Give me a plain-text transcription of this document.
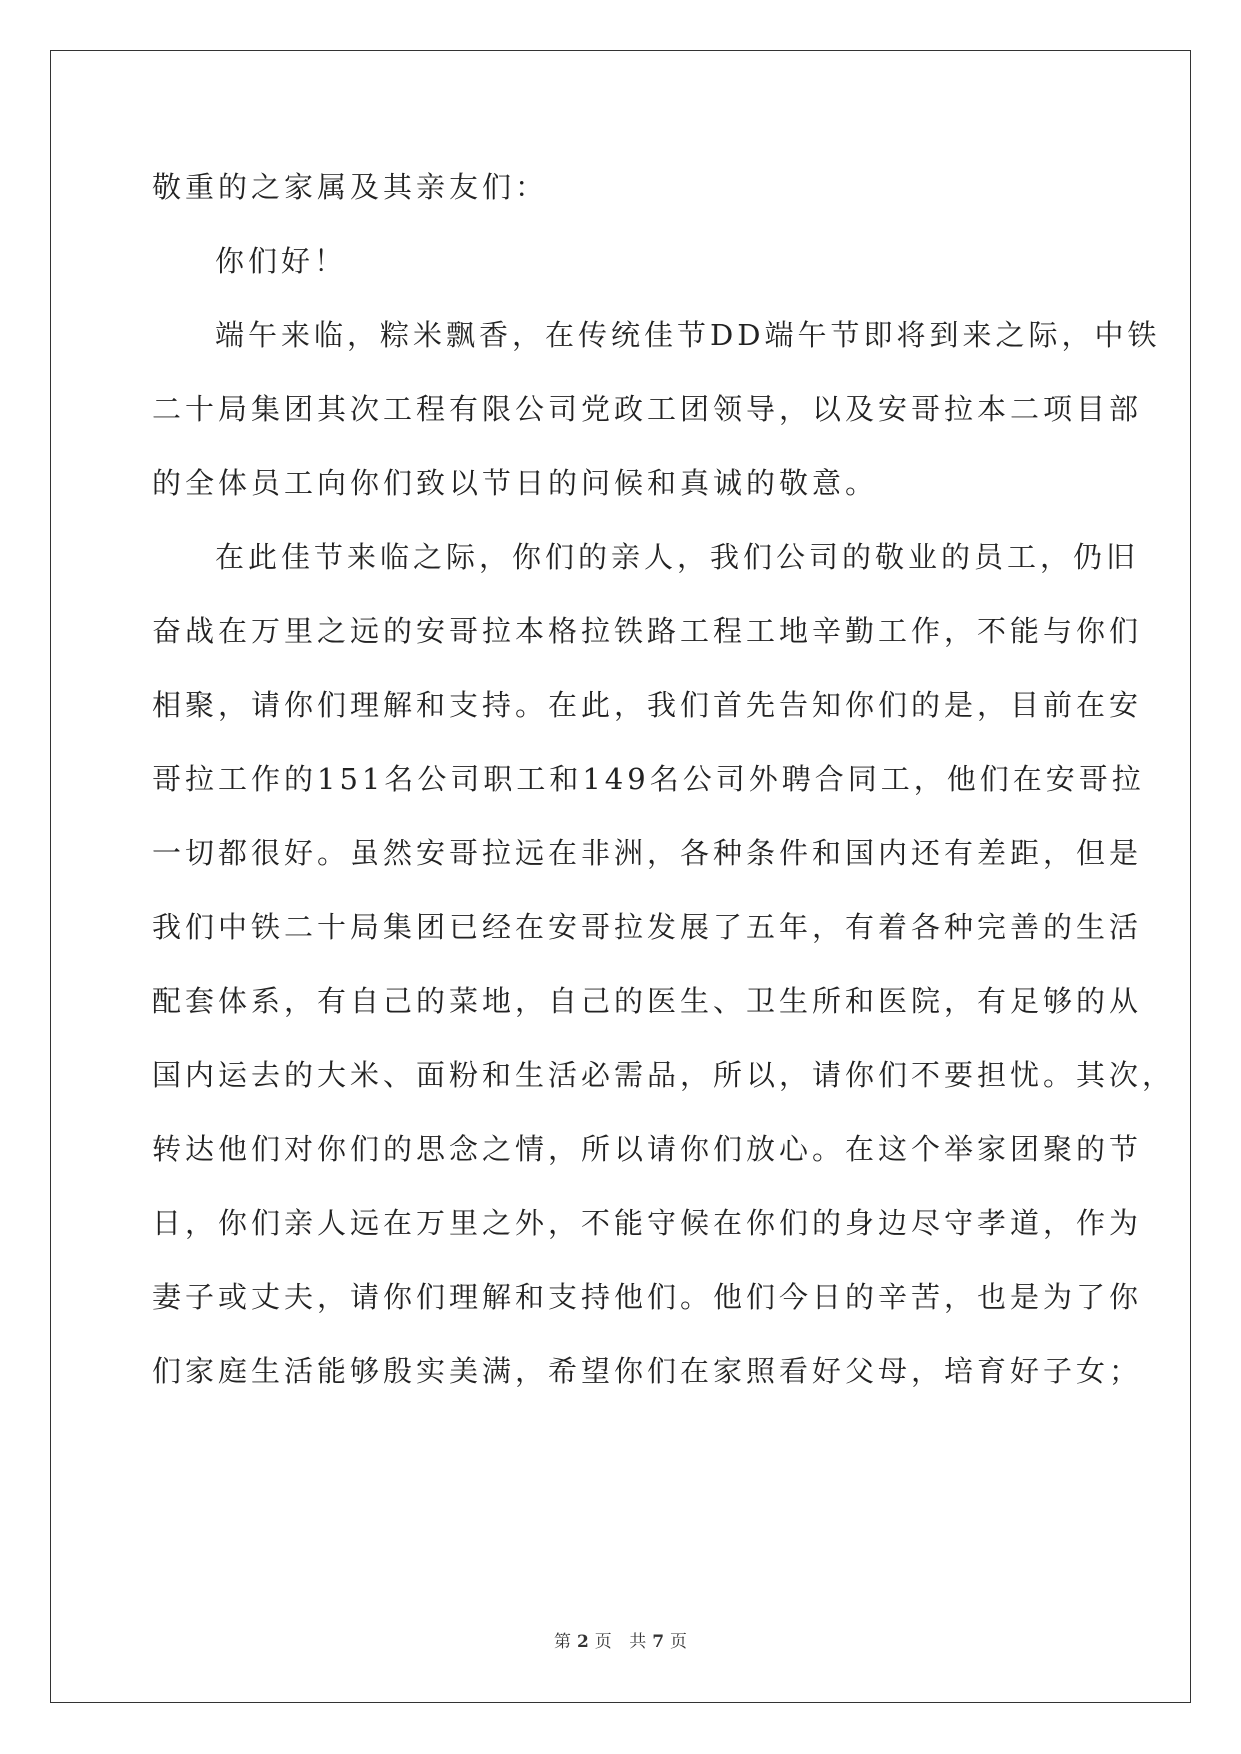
敬重的之家属及其亲友们：
你们好！
端午来临，粽米飘香，在传统佳节DD端午节即将到来之际，中铁
二十局集团其次工程有限公司党政工团领导，以及安哥拉本二项目部
的全体员工向你们致以节日的问候和真诚的敬意。
在此佳节来临之际，你们的亲人，我们公司的敬业的员工，仍旧
奋战在万里之远的安哥拉本格拉铁路工程工地辛勤工作，不能与你们
相聚，请你们理解和支持。在此，我们首先告知你们的是，目前在安
哥拉工作的151名公司职工和149名公司外聘合同工，他们在安哥拉
一切都很好。虽然安哥拉远在非洲，各种条件和国内还有差距，但是
我们中铁二十局集团已经在安哥拉发展了五年，有着各种完善的生活
配套体系，有自己的菜地，自己的医生、卫生所和医院，有足够的从
国内运去的大米、面粉和生活必需品，所以，请你们不要担忧。其次，
转达他们对你们的思念之情，所以请你们放心。在这个举家团聚的节
日，你们亲人远在万里之外，不能守候在你们的身边尽守孝道，作为
妻子或丈夫，请你们理解和支持他们。他们今日的辛苦，也是为了你
们家庭生活能够殷实美满，希望你们在家照看好父母，培育好子女；
第 2 页 共 7 页
